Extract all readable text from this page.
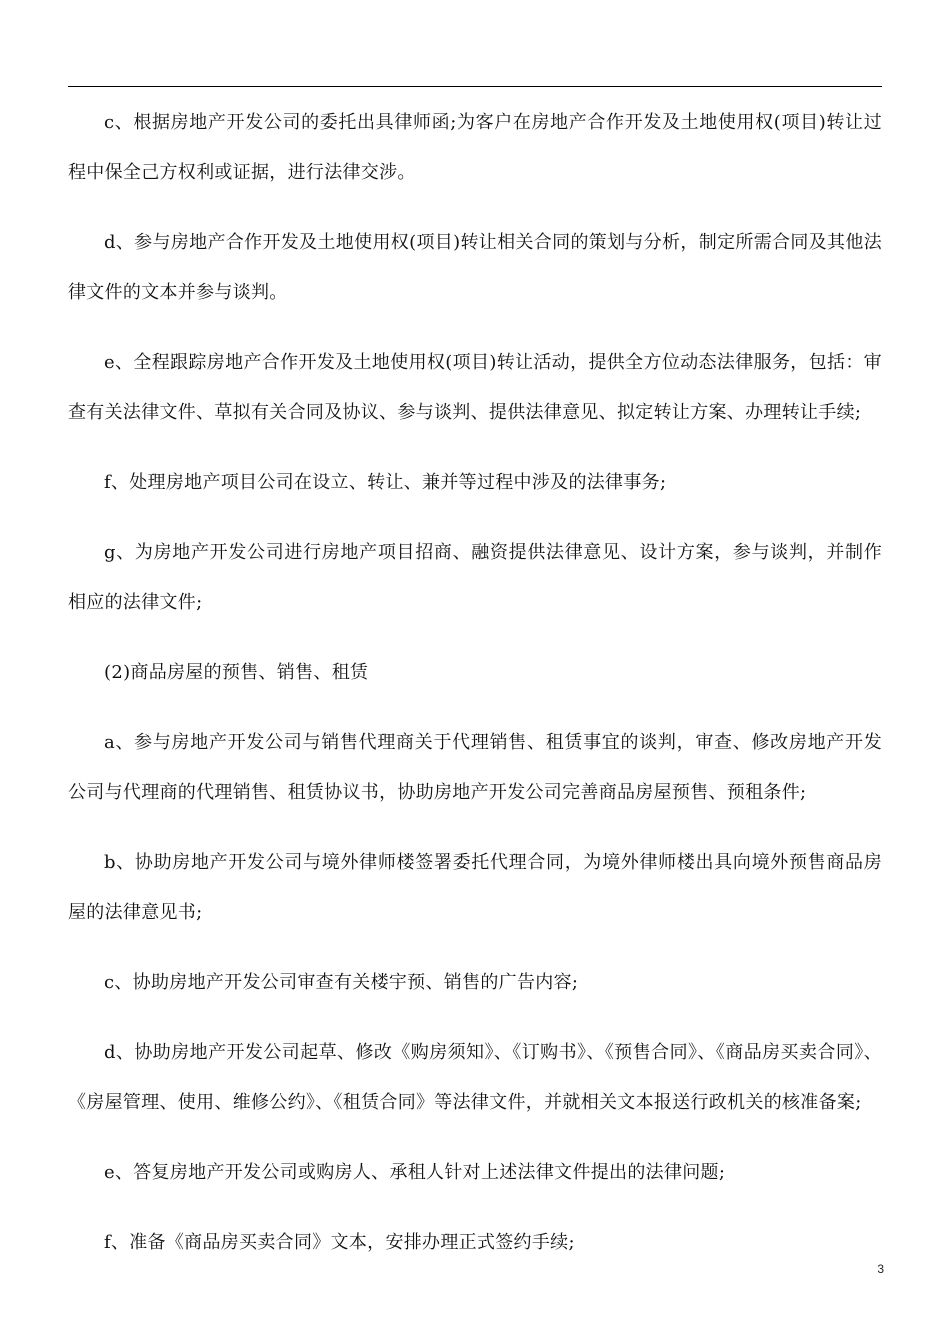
c、根据房地产开发公司的委托出具律师函;为客户在房地产合作开发及土地使用权(项目)转让过程中保全己方权利或证据，进行法律交涉。

d、参与房地产合作开发及土地使用权(项目)转让相关合同的策划与分析，制定所需合同及其他法律文件的文本并参与谈判。

e、全程跟踪房地产合作开发及土地使用权(项目)转让活动，提供全方位动态法律服务，包括：审查有关法律文件、草拟有关合同及协议、参与谈判、提供法律意见、拟定转让方案、办理转让手续;

f、处理房地产项目公司在设立、转让、兼并等过程中涉及的法律事务;

g、为房地产开发公司进行房地产项目招商、融资提供法律意见、设计方案，参与谈判，并制作相应的法律文件;

(2)商品房屋的预售、销售、租赁

a、参与房地产开发公司与销售代理商关于代理销售、租赁事宜的谈判，审查、修改房地产开发公司与代理商的代理销售、租赁协议书，协助房地产开发公司完善商品房屋预售、预租条件;

b、协助房地产开发公司与境外律师楼签署委托代理合同，为境外律师楼出具向境外预售商品房屋的法律意见书;

c、协助房地产开发公司审查有关楼宇预、销售的广告内容;

d、协助房地产开发公司起草、修改《购房须知》、《订购书》、《预售合同》、《商品房买卖合同》、《房屋管理、使用、维修公约》、《租赁合同》等法律文件，并就相关文本报送行政机关的核准备案;

e、答复房地产开发公司或购房人、承租人针对上述法律文件提出的法律问题;

f、准备《商品房买卖合同》文本，安排办理正式签约手续;

3
